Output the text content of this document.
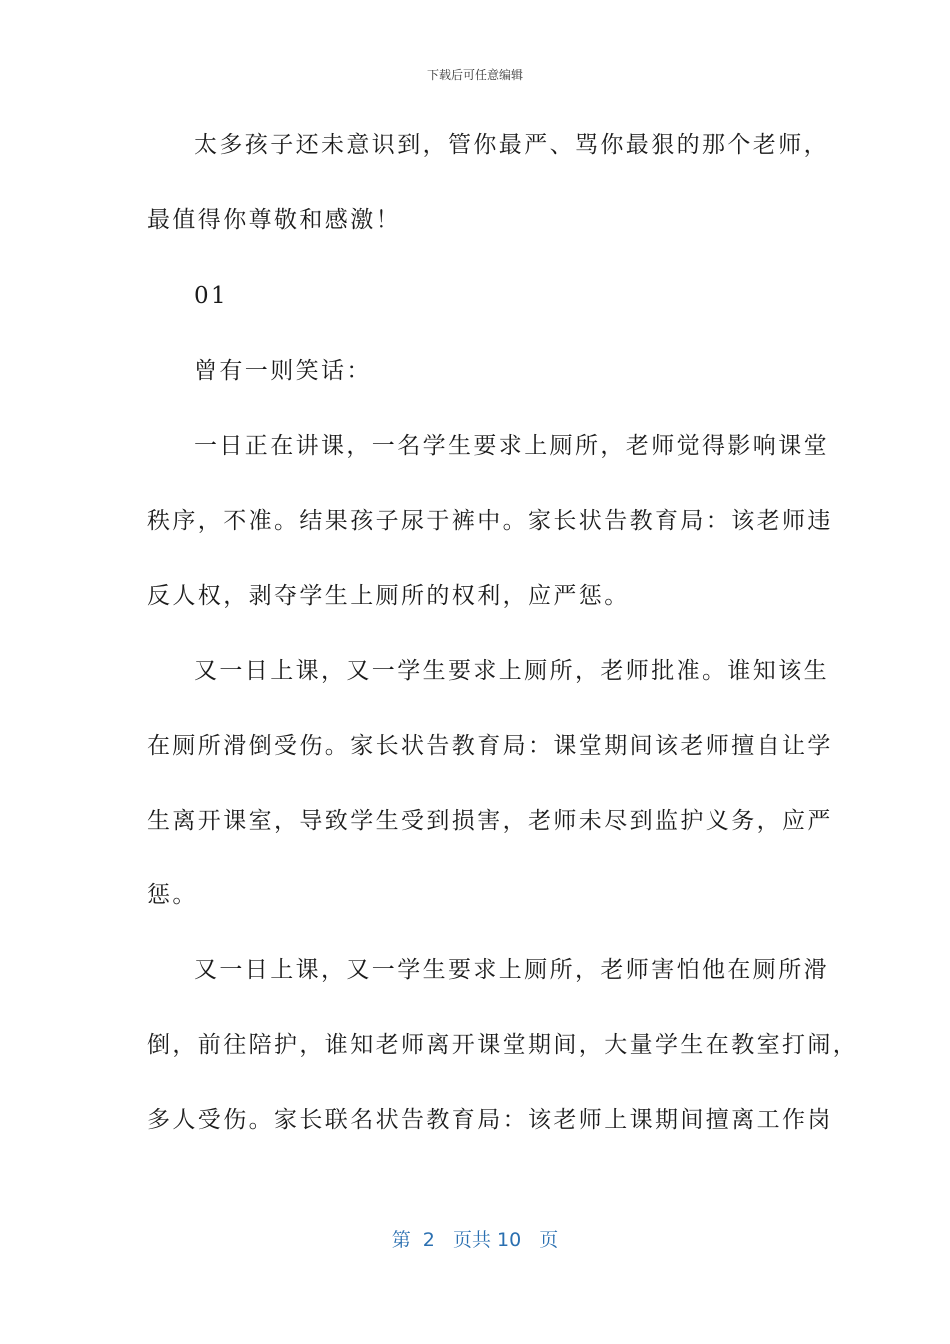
下载后可任意编辑
太多孩子还未意识到，管你最严、骂你最狠的那个老师，
最值得你尊敬和感激！
01
曾有一则笑话：
一日正在讲课，一名学生要求上厕所，老师觉得影响课堂
秩序，不准。结果孩子尿于裤中。家长状告教育局：该老师违
反人权，剥夺学生上厕所的权利，应严惩。
又一日上课，又一学生要求上厕所，老师批准。谁知该生
在厕所滑倒受伤。家长状告教育局：课堂期间该老师擅自让学
生离开课室，导致学生受到损害，老师未尽到监护义务，应严
惩。
又一日上课，又一学生要求上厕所，老师害怕他在厕所滑
倒，前往陪护，谁知老师离开课堂期间，大量学生在教室打闹，
多人受伤。家长联名状告教育局：该老师上课期间擅离工作岗
第  2   页共 10   页
